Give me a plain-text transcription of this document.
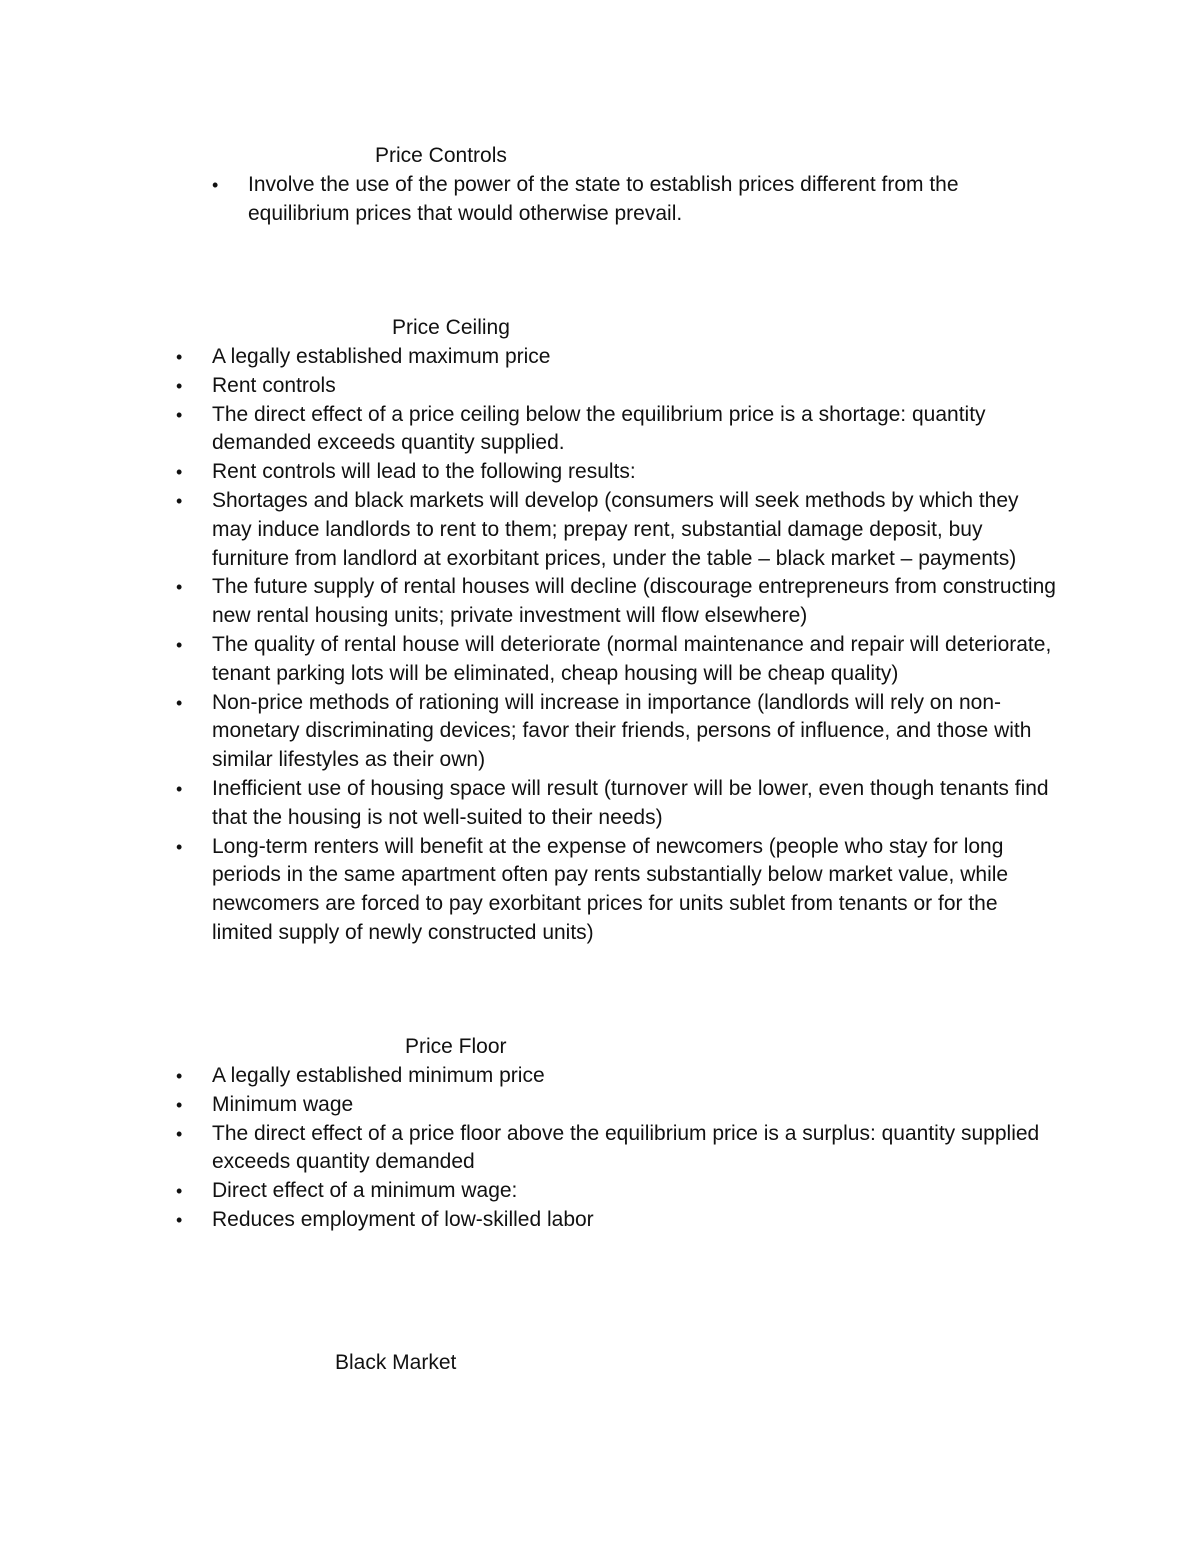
Price Controls
• Involve the use of the power of the state to establish prices different from the equilibrium prices that would otherwise prevail.
Price Ceiling
• A legally established maximum price
• Rent controls
• The direct effect of a price ceiling below the equilibrium price is a shortage: quantity demanded exceeds quantity supplied.
• Rent controls will lead to the following results:
• Shortages and black markets will develop (consumers will seek methods by which they may induce landlords to rent to them; prepay rent, substantial damage deposit, buy furniture from landlord at exorbitant prices, under the table – black market – payments)
• The future supply of rental houses will decline (discourage entrepreneurs from constructing new rental housing units; private investment will flow elsewhere)
• The quality of rental house will deteriorate (normal maintenance and repair will deteriorate, tenant parking lots will be eliminated, cheap housing will be cheap quality)
• Non-price methods of rationing will increase in importance (landlords will rely on non-monetary discriminating devices; favor their friends, persons of influence, and those with similar lifestyles as their own)
• Inefficient use of housing space will result (turnover will be lower, even though tenants find that the housing is not well-suited to their needs)
• Long-term renters will benefit at the expense of newcomers (people who stay for long periods in the same apartment often pay rents substantially below market value, while newcomers are forced to pay exorbitant prices for units sublet from tenants or for the limited supply of newly constructed units)
Price Floor
• A legally established minimum price
• Minimum wage
• The direct effect of a price floor above the equilibrium price is a surplus: quantity supplied exceeds quantity demanded
• Direct effect of a minimum wage:
• Reduces employment of low-skilled labor
Black Market
